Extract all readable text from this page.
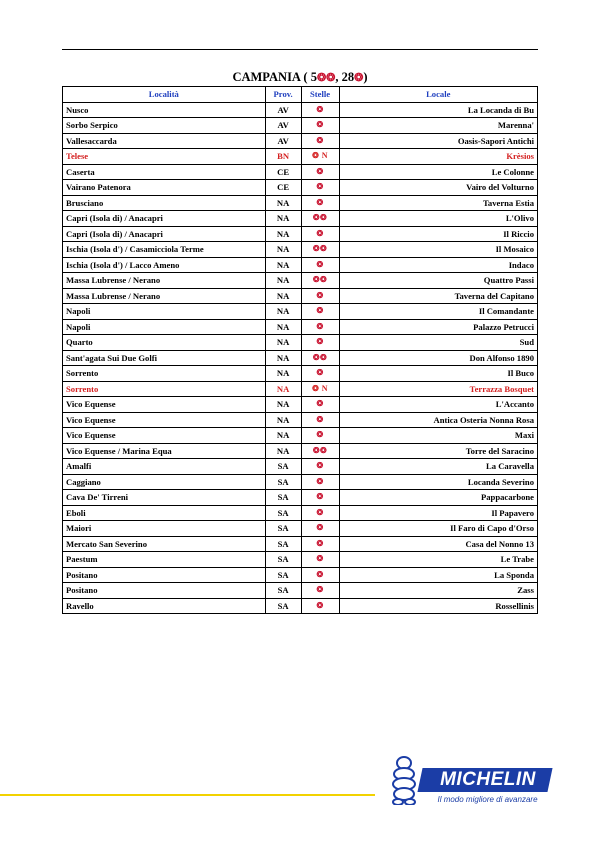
CAMPANIA ( 5❂❂, 28❂)
Località	Prov.	Stelle	Locale
Nusco	AV	❂	La Locanda di Bu
Sorbo Serpico	AV	❂	Marenna'
Vallesaccarda	AV	❂	Oasis-Sapori Antichi
Telese	BN	❂ N	Krèsios
Caserta	CE	❂	Le Colonne
Vairano Patenora	CE	❂	Vairo del Volturno
Brusciano	NA	❂	Taverna Estia
Capri (Isola di) / Anacapri	NA	❂❂	L'Olivo
Capri (Isola di) / Anacapri	NA	❂	Il Riccio
Ischia (Isola d') / Casamicciola Terme	NA	❂❂	Il Mosaico
Ischia (Isola d') / Lacco Ameno	NA	❂	Indaco
Massa Lubrense / Nerano	NA	❂❂	Quattro Passi
Massa Lubrense / Nerano	NA	❂	Taverna del Capitano
Napoli	NA	❂	Il Comandante
Napoli	NA	❂	Palazzo Petrucci
Quarto	NA	❂	Sud
Sant'agata Sui Due Golfi	NA	❂❂	Don Alfonso 1890
Sorrento	NA	❂	Il Buco
Sorrento	NA	❂ N	Terrazza Bosquet
Vico Equense	NA	❂	L'Accanto
Vico Equense	NA	❂	Antica Osteria Nonna Rosa
Vico Equense	NA	❂	Maxi
Vico Equense / Marina Equa	NA	❂❂	Torre del Saracino
Amalfi	SA	❂	La Caravella
Caggiano	SA	❂	Locanda Severino
Cava De' Tirreni	SA	❂	Pappacarbone
Eboli	SA	❂	Il Papavero
Maiori	SA	❂	Il Faro di Capo d'Orso
Mercato San Severino	SA	❂	Casa del Nonno 13
Paestum	SA	❂	Le Trabe
Positano	SA	❂	La Sponda
Positano	SA	❂	Zass
Ravello	SA	❂	Rossellinis
MICHELIN
Il modo migliore di avanzare
